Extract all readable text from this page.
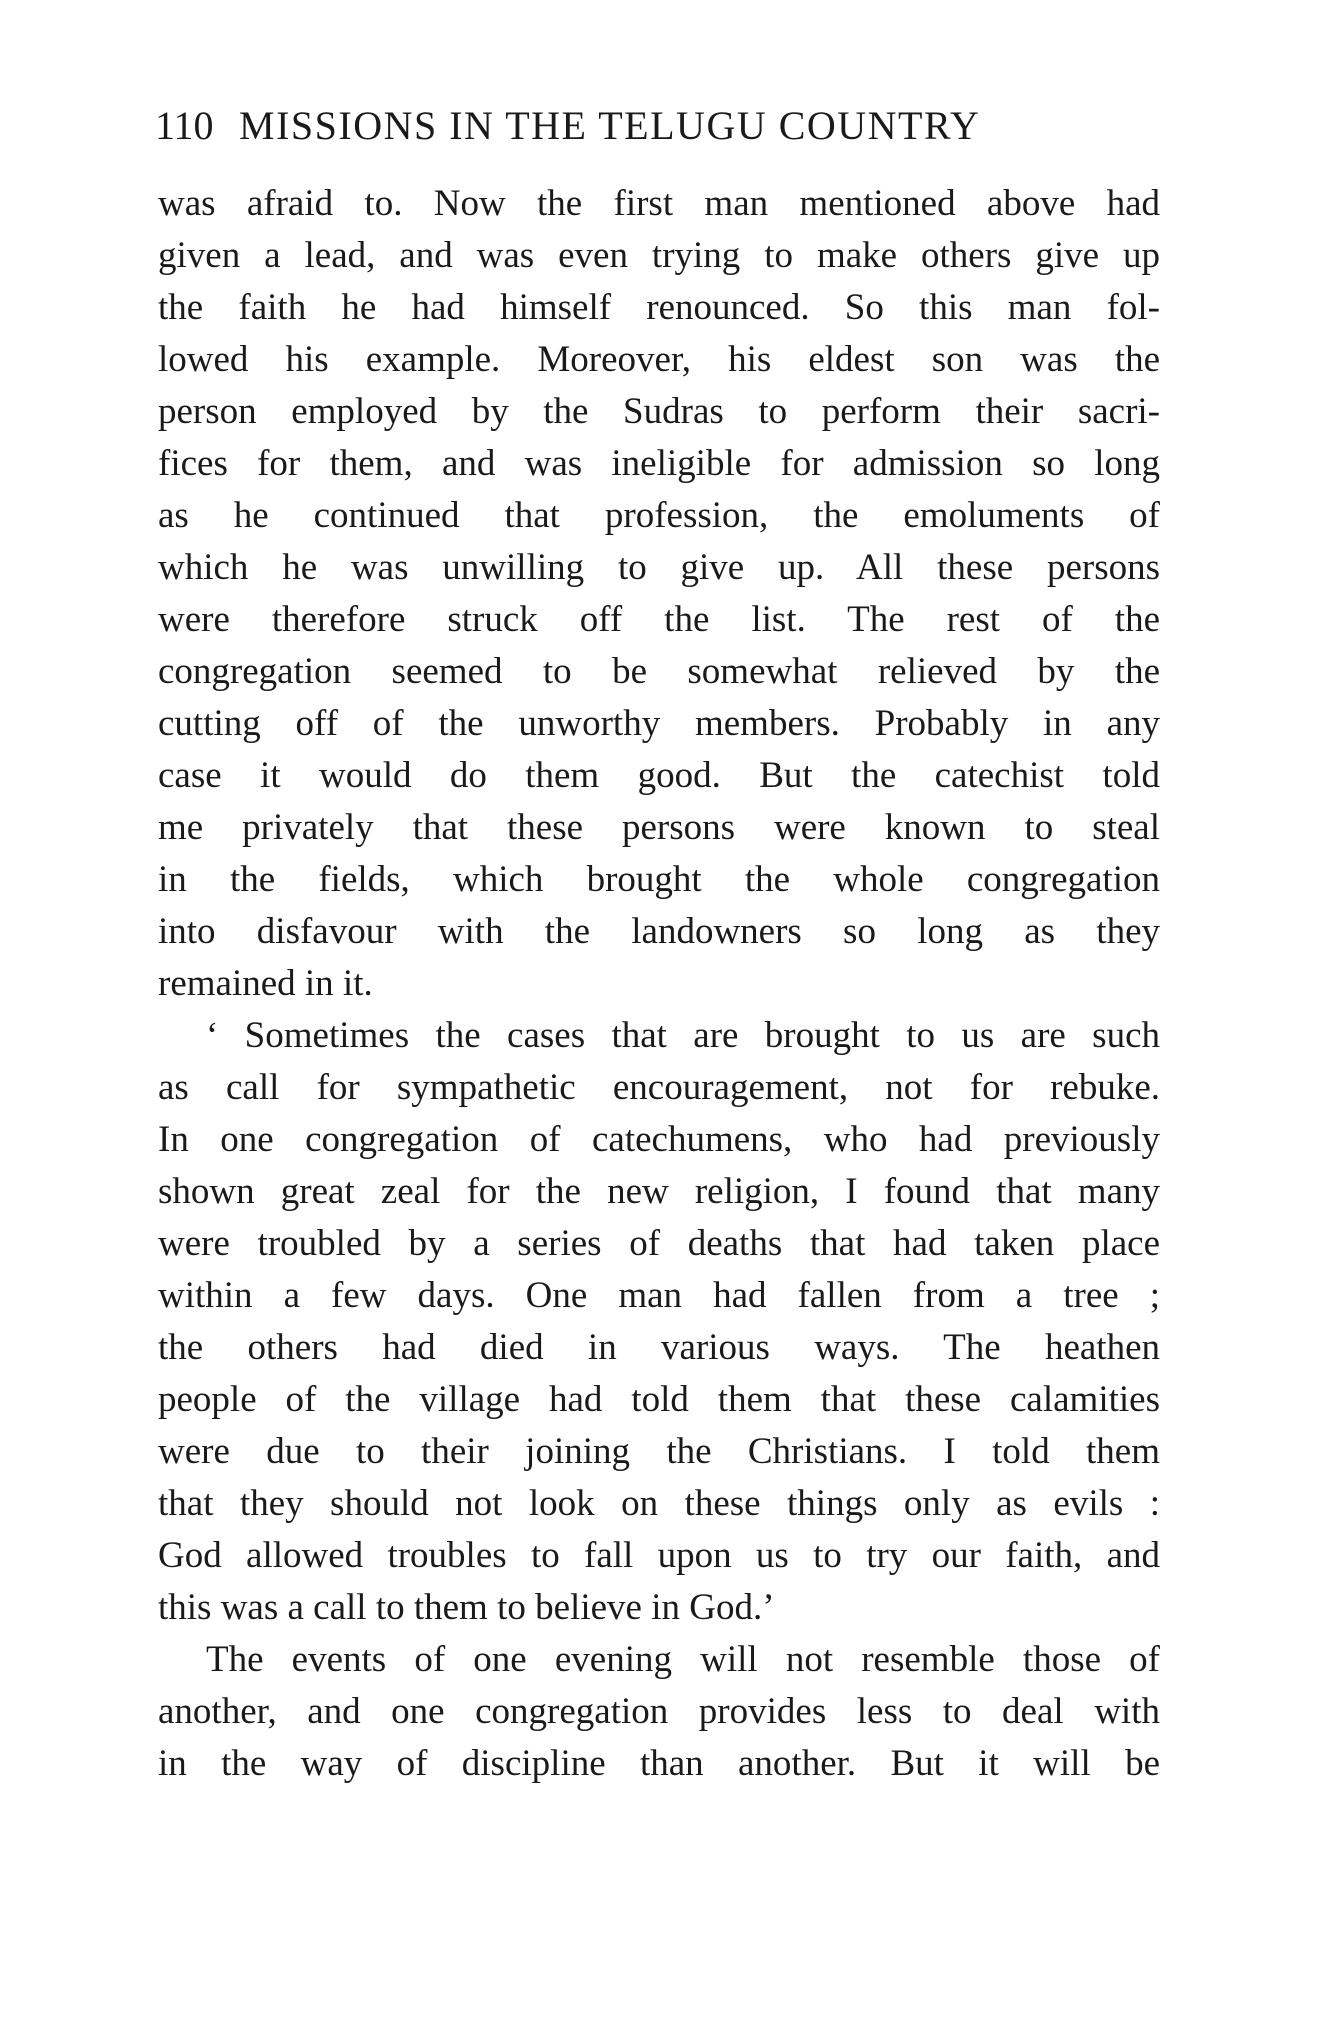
110 MISSIONS IN THE TELUGU COUNTRY
was afraid to. Now the first man mentioned above had
given a lead, and was even trying to make others give up
the faith he had himself renounced. So this man fol-
lowed his example. Moreover, his eldest son was the
person employed by the Sudras to perform their sacri-
fices for them, and was ineligible for admission so long
as he continued that profession, the emoluments of
which he was unwilling to give up. All these persons
were therefore struck off the list. The rest of the
congregation seemed to be somewhat relieved by the
cutting off of the unworthy members. Probably in any
case it would do them good. But the catechist told
me privately that these persons were known to steal
in the fields, which brought the whole congregation
into disfavour with the landowners so long as they
remained in it.
‘ Sometimes the cases that are brought to us are such
as call for sympathetic encouragement, not for rebuke.
In one congregation of catechumens, who had previously
shown great zeal for the new religion, I found that many
were troubled by a series of deaths that had taken place
within a few days. One man had fallen from a tree ;
the others had died in various ways. The heathen
people of the village had told them that these calamities
were due to their joining the Christians. I told them
that they should not look on these things only as evils :
God allowed troubles to fall upon us to try our faith, and
this was a call to them to believe in God.’
The events of one evening will not resemble those of
another, and one congregation provides less to deal with
in the way of discipline than another. But it will be
